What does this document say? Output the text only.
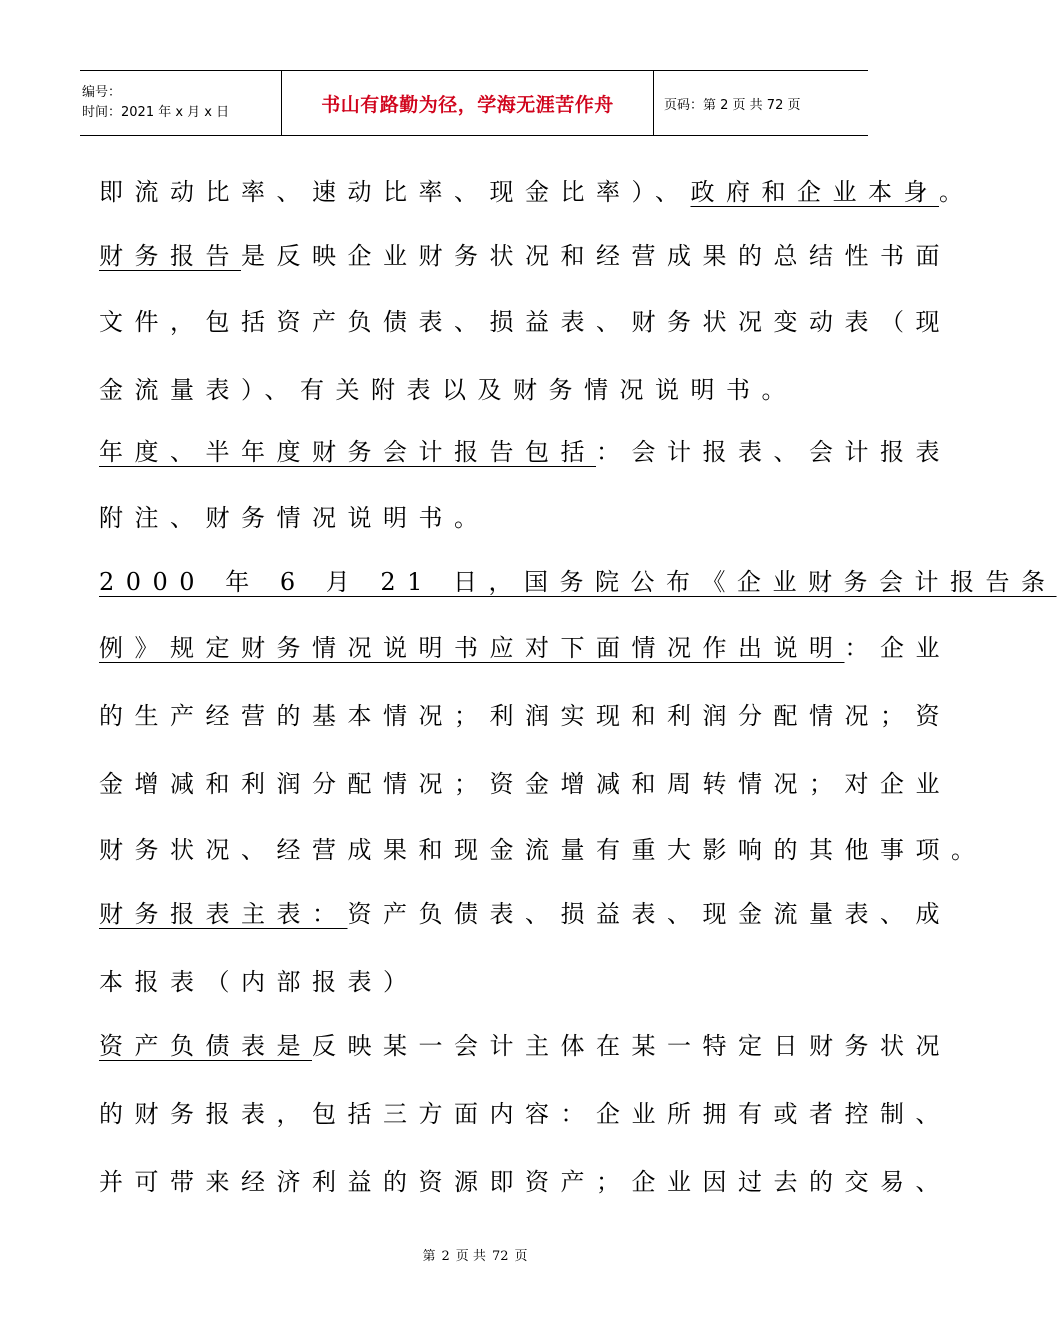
编号：
时间：2021 年 x 月 x 日	书山有路勤为径，学海无涯苦作舟	页码：第 2 页 共 72 页
即流动比率、速动比率、现金比率）、政府和企业本身。
财务报告是反映企业财务状况和经营成果的总结性书面
文件，包括资产负债表、损益表、财务状况变动表（现
金流量表）、有关附表以及财务情况说明书。
年度、半年度财务会计报告包括：会计报表、会计报表
附注、财务情况说明书。
2000 年 6 月 21 日，国务院公布《企业财务会计报告条
例》规定财务情况说明书应对下面情况作出说明：企业
的生产经营的基本情况；利润实现和利润分配情况；资
金增减和利润分配情况；资金增减和周转情况；对企业
财务状况、经营成果和现金流量有重大影响的其他事项。
财务报表主表：资产负债表、损益表、现金流量表、成
本报表（内部报表）
资产负债表是反映某一会计主体在某一特定日财务状况
的财务报表，包括三方面内容：企业所拥有或者控制、
并可带来经济利益的资源即资产；企业因过去的交易、
第 2 页 共 72 页
